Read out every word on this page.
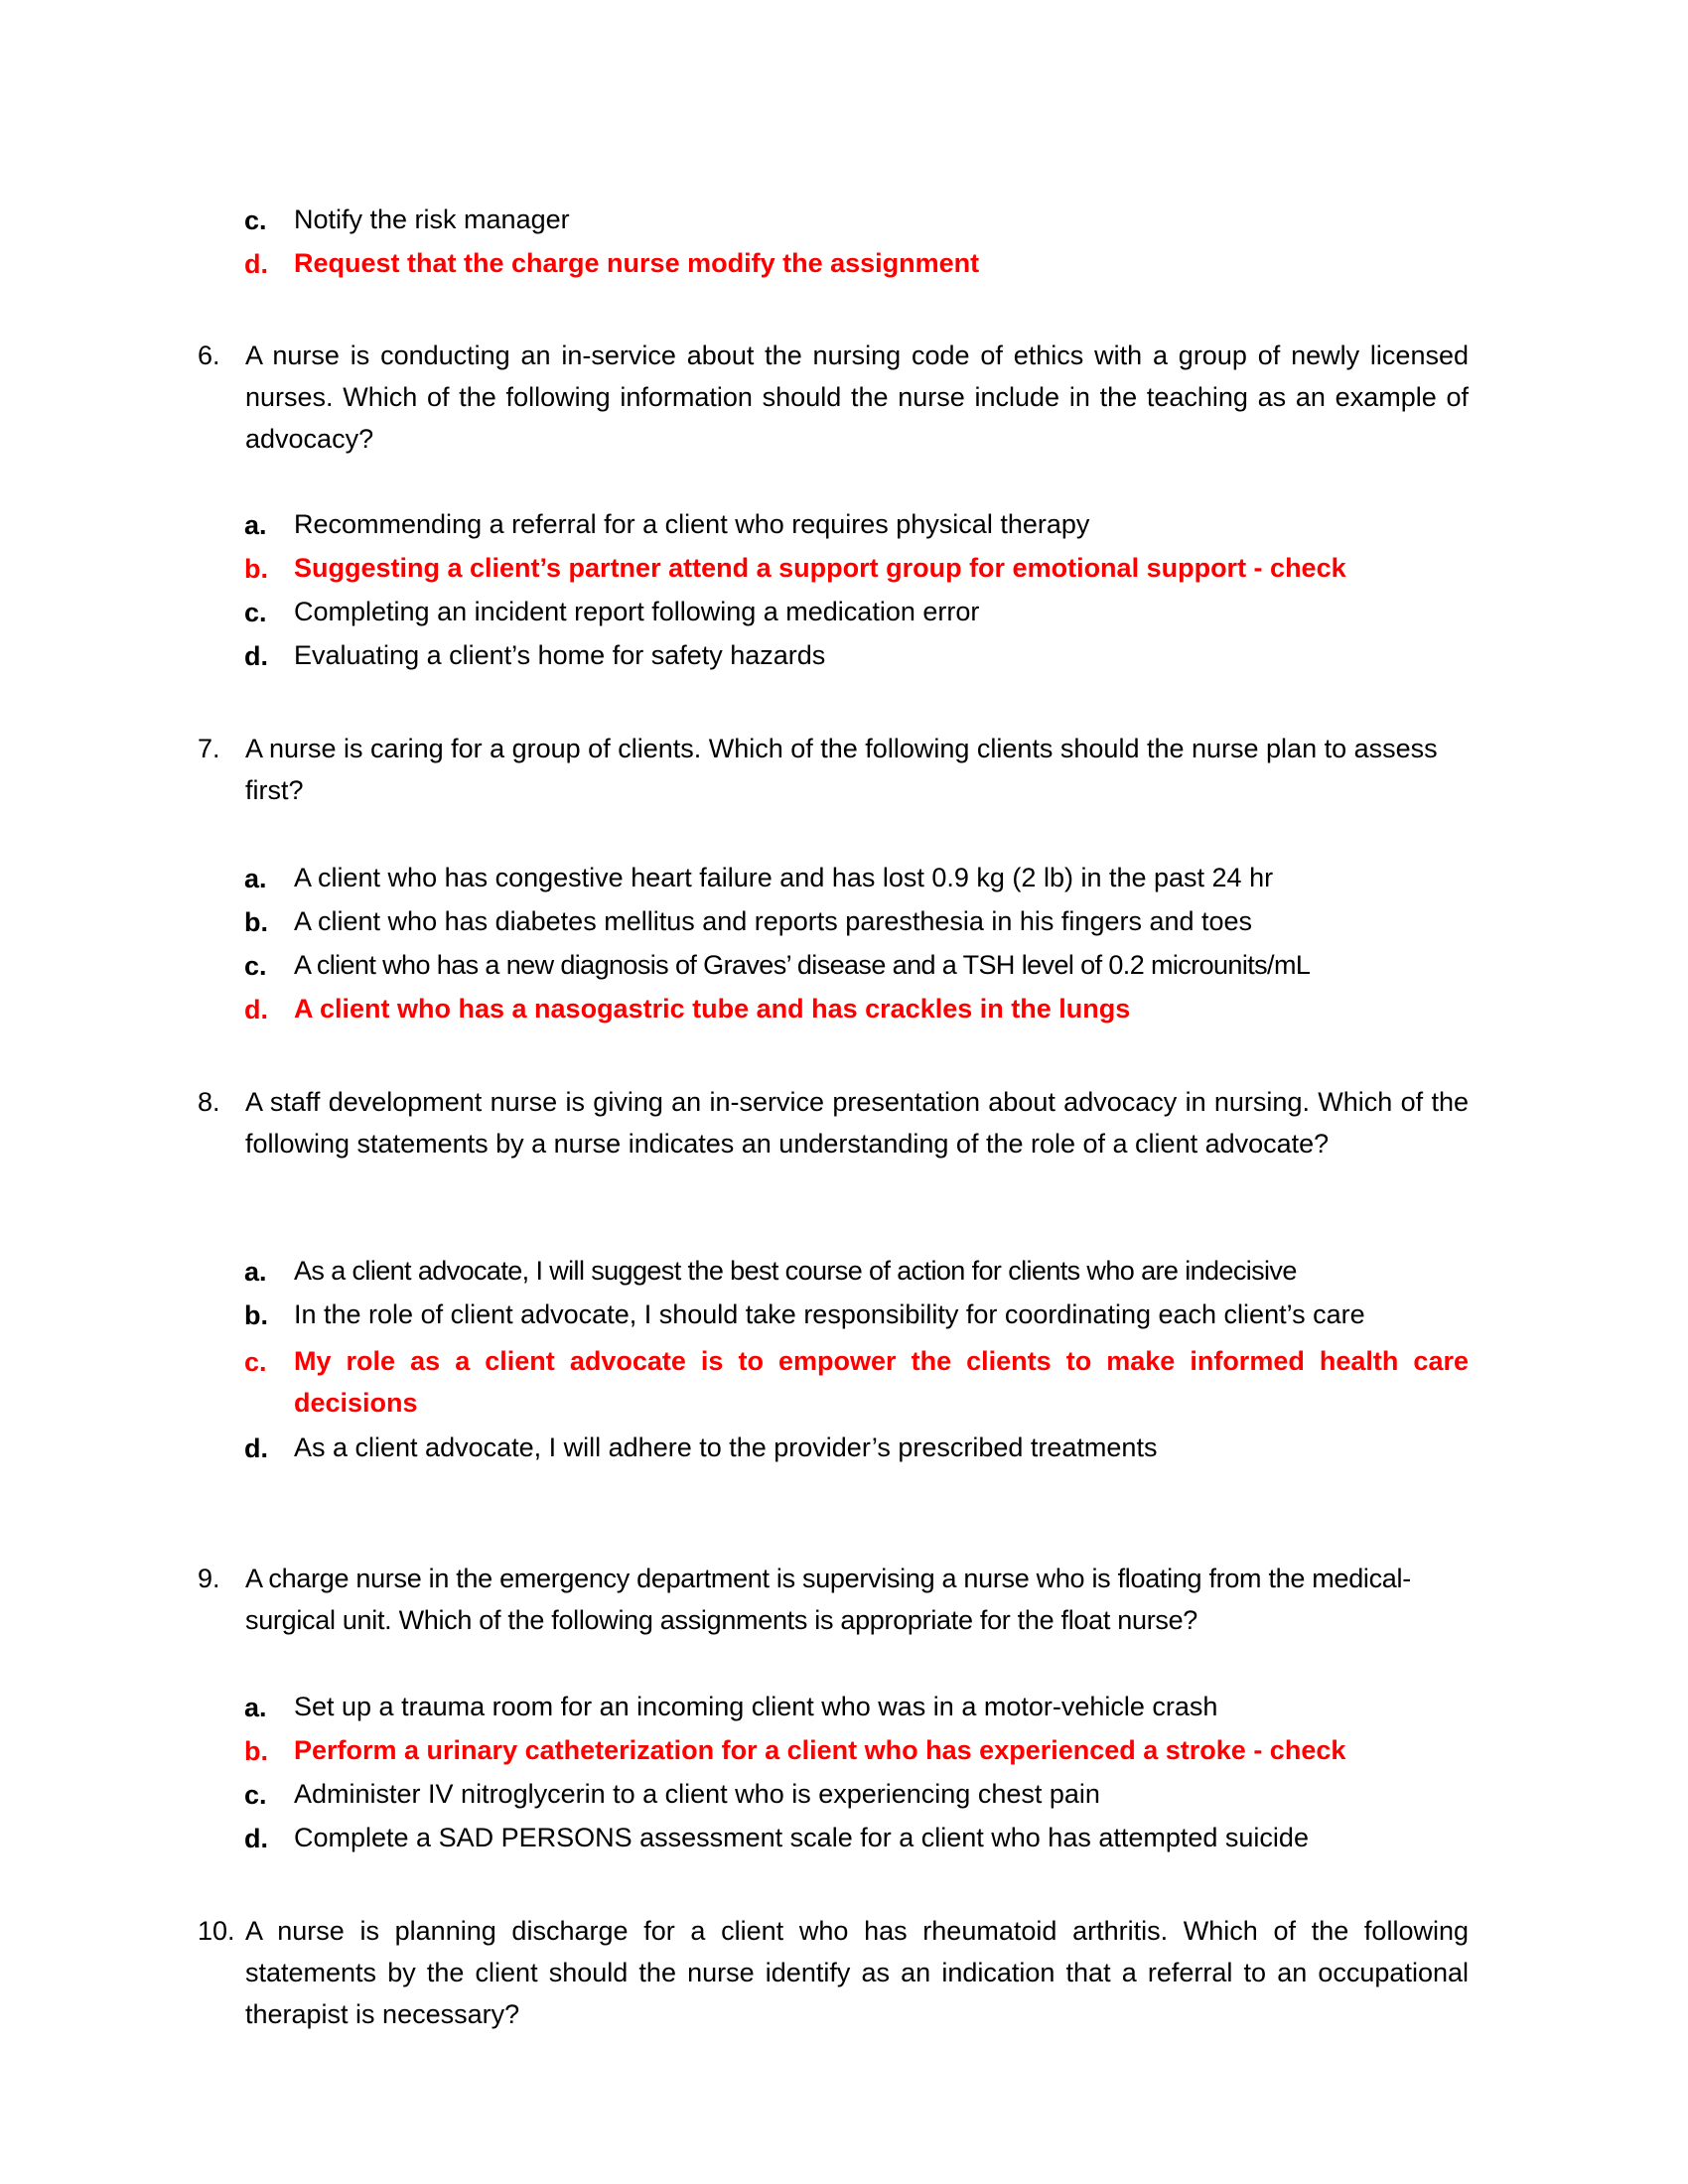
c.	Notify the risk manager
d. Request that the charge nurse modify the assignment
6. A nurse is conducting an in-service about the nursing code of ethics with a group of newly licensed nurses. Which of the following information should the nurse include in the teaching as an example of advocacy?
a.	Recommending a referral for a client who requires physical therapy
b. Suggesting a client’s partner attend a support group for emotional support - check
c.	Completing an incident report following a medication error
d. Evaluating a client’s home for safety hazards
7. A nurse is caring for a group of clients. Which of the following clients should the nurse plan to assess first?
a.	A client who has congestive heart failure and has lost 0.9 kg (2 lb) in the past 24 hr
b. A client who has diabetes mellitus and reports paresthesia in his fingers and toes
c.	A client who has a new diagnosis of Graves’ disease and a TSH level of 0.2 microunits/mL
d. A client who has a nasogastric tube and has crackles in the lungs
8. A staff development nurse is giving an in-service presentation about advocacy in nursing. Which of the following statements by a nurse indicates an understanding of the role of a client advocate?
a.	As a client advocate, I will suggest the best course of action for clients who are indecisive
b. In the role of client advocate, I should take responsibility for coordinating each client’s care
c.	My role as a client advocate is to empower the clients to make informed health care decisions
d. As a client advocate, I will adhere to the provider’s prescribed treatments
9. A charge nurse in the emergency department is supervising a nurse who is floating from the medical-surgical unit. Which of the following assignments is appropriate for the float nurse?
a.	Set up a trauma room for an incoming client who was in a motor-vehicle crash
b. Perform a urinary catheterization for a client who has experienced a stroke - check
c.	Administer IV nitroglycerin to a client who is experiencing chest pain
d. Complete a SAD PERSONS assessment scale for a client who has attempted suicide
10. A nurse is planning discharge for a client who has rheumatoid arthritis. Which of the following statements by the client should the nurse identify as an indication that a referral to an occupational therapist is necessary?
